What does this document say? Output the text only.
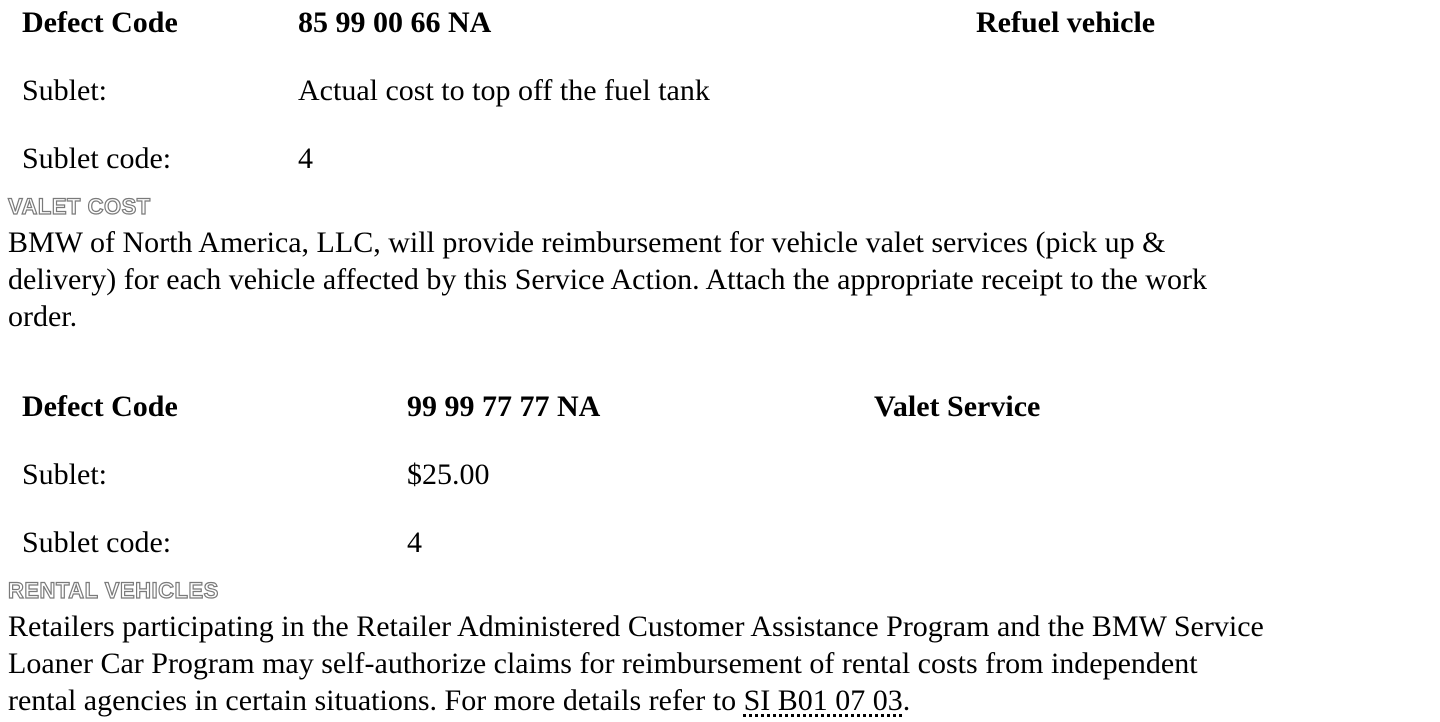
Defect Code	85 99 00 66 NA	Refuel vehicle
Sublet:	Actual cost to top off the fuel tank
Sublet code:	4
VALET COST

BMW of North America, LLC, will provide reimbursement for vehicle valet services (pick up &

delivery) for each vehicle affected by this Service Action. Attach the appropriate receipt to the work

order.

Defect Code	99 99 77 77 NA	Valet Service
Sublet:	$25.00
Sublet code:	4
RENTAL VEHICLES

Retailers participating in the Retailer Administered Customer Assistance Program and the BMW Service

Loaner Car Program may self-authorize claims for reimbursement of rental costs from independent

rental agencies in certain situations. For more details refer to SI B01 07 03.
